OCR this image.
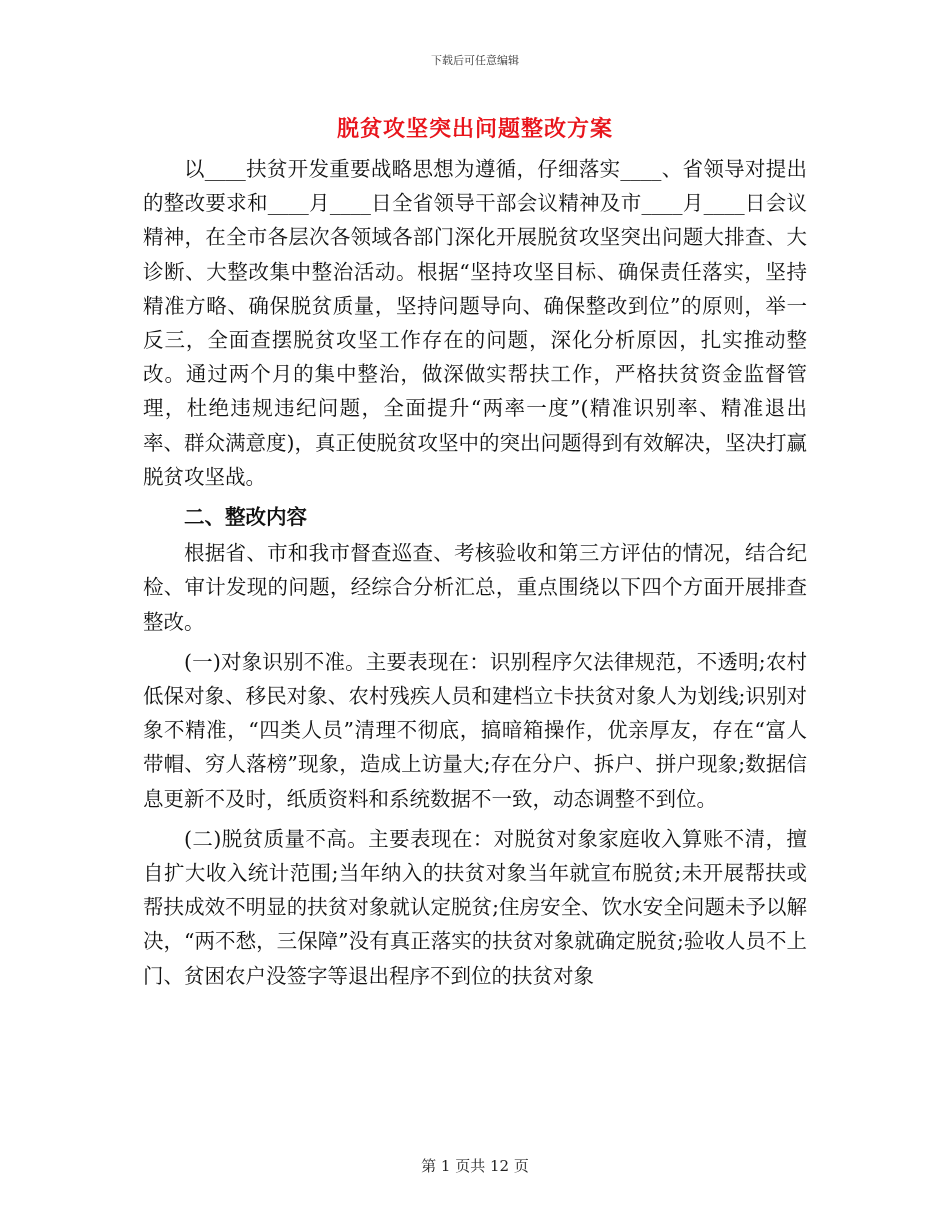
下载后可任意编辑
脱贫攻坚突出问题整改方案

以____扶贫开发重要战略思想为遵循，仔细落实____、省领导对提出的整改要求和____月____日全省领导干部会议精神及市____月____日会议精神，在全市各层次各领域各部门深化开展脱贫攻坚突出问题大排查、大诊断、大整改集中整治活动。根据“坚持攻坚目标、确保责任落实，坚持精准方略、确保脱贫质量，坚持问题导向、确保整改到位”的原则，举一反三，全面查摆脱贫攻坚工作存在的问题，深化分析原因，扎实推动整改。通过两个月的集中整治，做深做实帮扶工作，严格扶贫资金监督管理，杜绝违规违纪问题，全面提升“两率一度”(精准识别率、精准退出率、群众满意度)，真正使脱贫攻坚中的突出问题得到有效解决，坚决打赢脱贫攻坚战。

二、整改内容

根据省、市和我市督查巡查、考核验收和第三方评估的情况，结合纪检、审计发现的问题，经综合分析汇总，重点围绕以下四个方面开展排查整改。

(一)对象识别不准。主要表现在：识别程序欠法律规范，不透明;农村低保对象、移民对象、农村残疾人员和建档立卡扶贫对象人为划线;识别对象不精准，“四类人员”清理不彻底，搞暗箱操作，优亲厚友，存在“富人带帽、穷人落榜”现象，造成上访量大;存在分户、拆户、拼户现象;数据信息更新不及时，纸质资料和系统数据不一致，动态调整不到位。

(二)脱贫质量不高。主要表现在：对脱贫对象家庭收入算账不清，擅自扩大收入统计范围;当年纳入的扶贫对象当年就宣布脱贫;未开展帮扶或帮扶成效不明显的扶贫对象就认定脱贫;住房安全、饮水安全问题未予以解决，“两不愁，三保障”没有真正落实的扶贫对象就确定脱贫;验收人员不上门、贫困农户没签字等退出程序不到位的扶贫对象

第 1 页共 12 页
